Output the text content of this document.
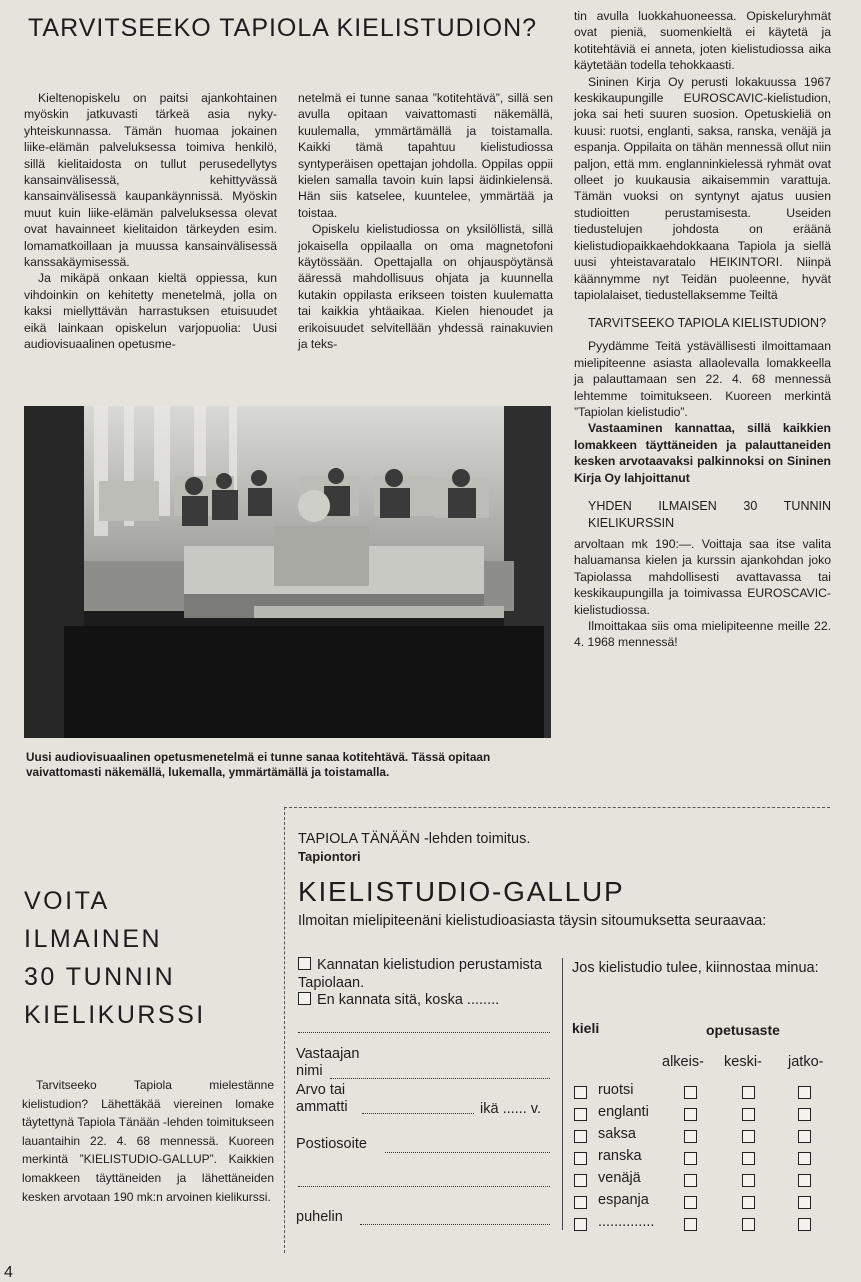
TARVITSEEKO TAPIOLA KIELISTUDION?

Kieltenopiskelu on paitsi ajankohtainen myöskin jatkuvasti tärkeä asia nyky-yhteiskunnassa. Tämän huomaa jokainen liike-elämän palveluksessa toimiva henkilö, sillä kielitaidosta on tullut perusedellytys kansainvälisessä, kehittyvässä kansainvälisessä kaupankäynnissä. Myöskin muut kuin liike-elämän palveluksessa olevat ovat havainneet kielitaidon tärkeyden esim. lomamatkoillaan ja muussa kansainvälisessä kanssakäymisessä.

Ja mikäpä onkaan kieltä oppiessa, kun vihdoinkin on kehitetty menetelmä, jolla on kaksi miellyttävän harrastuksen etuisuudet eikä lainkaan opiskelun varjopuolia: Uusi audiovisuaalinen opetusme-

netelmä ei tunne sanaa ”kotitehtävä”, sillä sen avulla opitaan vaivattomasti näkemällä, kuulemalla, ymmärtämällä ja toistamalla. Kaikki tämä tapahtuu kielistudiossa syntyperäisen opettajan johdolla. Oppilas oppii kielen samalla tavoin kuin lapsi äidinkielensä. Hän siis katselee, kuuntelee, ymmärtää ja toistaa.

Opiskelu kielistudiossa on yksilöllistä, sillä jokaisella oppilaalla on oma magnetofoni käytössään. Opettajalla on ohjauspöytänsä ääressä mahdollisuus ohjata ja kuunnella kutakin oppilasta erikseen toisten kuulematta tai kaikkia yhtäaikaa. Kielen hienoudet ja erikoisuudet selvitellään yhdessä rainakuvien ja teks-

tin avulla luokkahuoneessa. Opiskeluryhmät ovat pieniä, suomenkieltä ei käytetä ja kotitehtäviä ei anneta, joten kielistudiossa aika käytetään todella tehokkaasti.

Sininen Kirja Oy perusti lokakuussa 1967 keskikaupungille EUROSCAVIC-kielistudion, joka sai heti suuren suosion. Opetuskieliä on kuusi: ruotsi, englanti, saksa, ranska, venäjä ja espanja. Oppilaita on tähän mennessä ollut niin paljon, että mm. englanninkielessä ryhmät ovat olleet jo kuukausia aikaisemmin varattuja. Tämän vuoksi on syntynyt ajatus uusien studioitten perustamisesta. Useiden tiedustelujen johdosta on eräänä kielistudiopaikkaehdokkaana Tapiola ja siellä uusi yhteistavaratalo HEIKINTORI. Niinpä käännymme nyt Teidän puoleenne, hyvät tapiolalaiset, tiedustellaksemme Teiltä

TARVITSEEKO TAPIOLA KIELISTUDION?

Pyydämme Teitä ystävällisesti ilmoittamaan mielipiteenne asiasta allaolevalla lomakkeella ja palauttamaan sen 22. 4. 68 mennessä lehtemme toimitukseen. Kuoreen merkintä ”Tapiolan kielistudio”.

Vastaaminen kannattaa, sillä kaikkien lomakkeen täyttäneiden ja palauttaneiden kesken arvotaavaksi palkinnoksi on Sininen Kirja Oy lahjoittanut

YHDEN ILMAISEN 30 TUNNIN KIELIKURSSIN

arvoltaan mk 190:—. Voittaja saa itse valita haluamansa kielen ja kurssin ajankohdan joko Tapiolassa mahdollisesti avattavassa tai keskikaupungilla ja toimivassa EUROSCAVIC-kielistudiossa.

Ilmoittakaa siis oma mielipiteenne meille 22. 4. 1968 mennessä!

Uusi audiovisuaalinen opetusmenetelmä ei tunne sanaa kotitehtävä. Tässä opitaan vaivattomasti näkemällä, lukemalla, ymmärtämällä ja toistamalla.
VOITA
ILMAINEN
30 TUNNIN
KIELIKURSSI
Tarvitseeko Tapiola mielestänne kielistudion? Lähettäkää viereinen lomake täytettynä Tapiola Tänään -lehden toimitukseen lauantaihin 22. 4. 68 mennessä. Kuoreen merkintä ”KIELISTUDIO-GALLUP”. Kaikkien lomakkeen täyttäneiden ja lähettäneiden kesken arvotaan 190 mk:n arvoinen kielikurssi.
TAPIOLA TÄNÄÄN -lehden toimitus.
Tapiontori
KIELISTUDIO-GALLUP
Ilmoitan mielipiteenäni kielistudioasiasta täysin sitoumuksetta seuraavaa:
Kannatan kielistudion perustamista Tapiolaan.
En kannata sitä, koska ........
Vastaajan nimi
Arvo tai ammatti	ikä ...... v.
Postiosoite
puhelin
Jos kielistudio tulee, kiinnostaa minua:
kieli	opetusaste
alkeis- keski- jatko-
ruotsi
englanti
saksa
ranska
venäjä
espanja
..............
4
